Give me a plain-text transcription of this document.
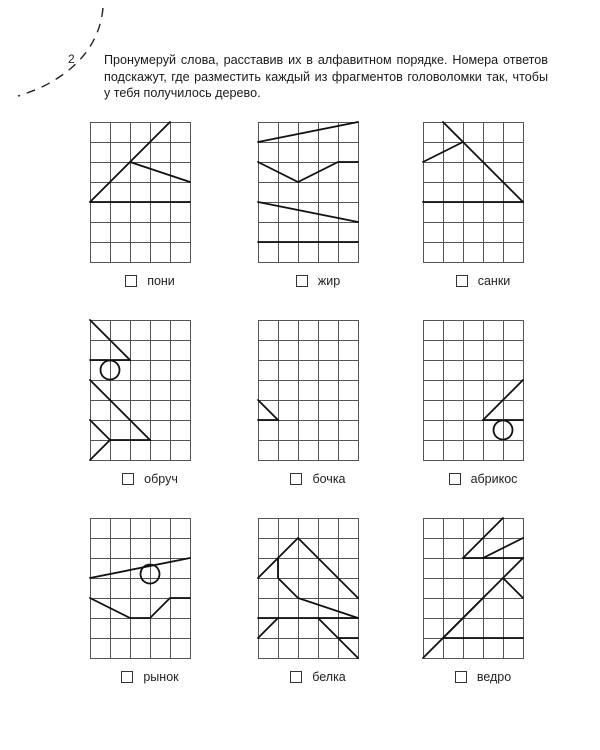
2 Пронумеруй слова, расставив их в алфавитном порядке. Номера ответов подскажут, где разместить каждый из фрагментов головоломки так, чтобы у тебя получилось дерево.

пони	жир	санки
обруч	бочка	абрикос
рынок	белка	ведро
